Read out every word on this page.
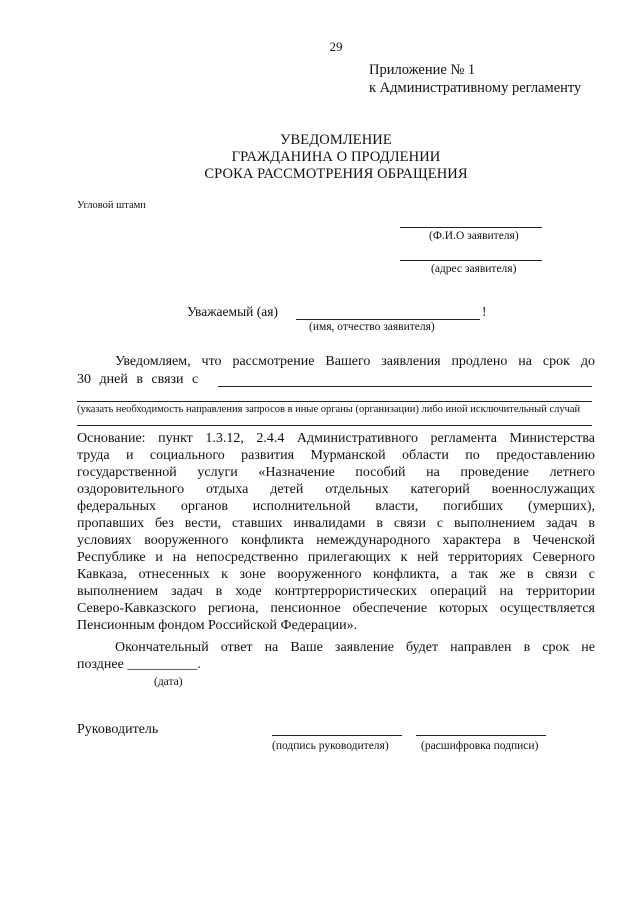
29
Приложение № 1
к Административному регламенту
УВЕДОМЛЕНИЕ
ГРАЖДАНИНА О ПРОДЛЕНИИ
СРОКА РАССМОТРЕНИЯ ОБРАЩЕНИЯ
Угловой штамп
(Ф.И.О заявителя)
(адрес заявителя)
Уважаемый (ая)	!
(имя, отчество заявителя)
Уведомляем, что рассмотрение Вашего заявления продлено на срок до
30 дней в связи с
(указать необходимость направления запросов в иные органы (организации) либо иной исключительный случай
Основание: пункт 1.3.12, 2.4.4 Административного регламента Министерства
труда и социального развития Мурманской области по предоставлению
государственной услуги «Назначение пособий на проведение летнего
оздоровительного отдыха детей отдельных категорий военнослужащих
федеральных органов исполнительной власти, погибших (умерших),
пропавших без вести, ставших инвалидами в связи с выполнением задач в
условиях вооруженного конфликта немеждународного характера в Чеченской
Республике и на непосредственно прилегающих к ней территориях Северного
Кавказа, отнесенных к зоне вооруженного конфликта, а так же в связи с
выполнением задач в ходе контртеррористических операций на территории
Северо-Кавказского региона, пенсионное обеспечение которых осуществляется
Пенсионным фондом Российской Федерации».
Окончательный ответ на Ваше заявление будет направлен в срок не
позднее __________.
(дата)
Руководитель
(подпись руководителя)	(расшифровка подписи)
